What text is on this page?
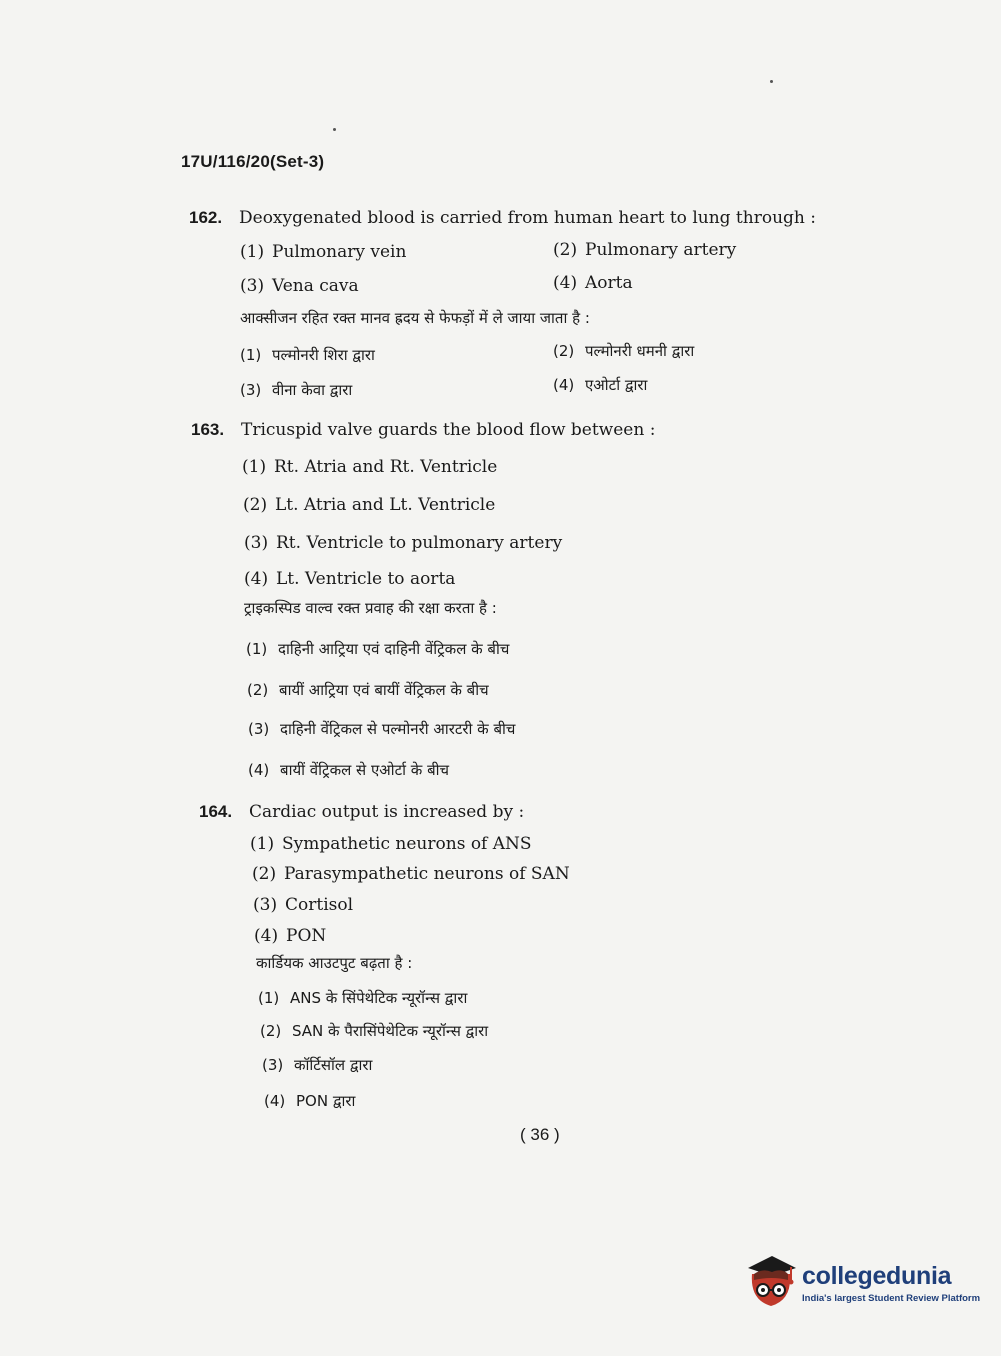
17U/116/20(Set-3)
162. Deoxygenated blood is carried from human heart to lung through :
(1) Pulmonary vein	(2) Pulmonary artery
(3) Vena cava	(4) Aorta
आक्सीजन रहित रक्त मानव ह्रदय से फेफड़ों में ले जाया जाता है :
(1) पल्मोनरी शिरा द्वारा	(2) पल्मोनरी धमनी द्वारा
(3) वीना केवा द्वारा	(4) एओर्टा द्वारा
163. Tricuspid valve guards the blood flow between :
(1) Rt. Atria and Rt. Ventricle
(2) Lt. Atria and Lt. Ventricle
(3) Rt. Ventricle to pulmonary artery
(4) Lt. Ventricle to aorta
ट्राइकस्पिड वाल्व रक्त प्रवाह की रक्षा करता है :
(1) दाहिनी आट्रिया एवं दाहिनी वेंट्रिकल के बीच
(2) बायीं आट्रिया एवं बायीं वेंट्रिकल के बीच
(3) दाहिनी वेंट्रिकल से पल्मोनरी आरटरी के बीच
(4) बायीं वेंट्रिकल से एओर्टा के बीच
164. Cardiac output is increased by :
(1) Sympathetic neurons of ANS
(2) Parasympathetic neurons of SAN
(3) Cortisol
(4) PON
कार्डियक आउटपुट बढ़ता है :
(1) ANS के सिंपेथेटिक न्यूरॉन्स द्वारा
(2) SAN के पैरासिंपेथेटिक न्यूरॉन्स द्वारा
(3) कॉर्टिसॉल द्वारा
(4) PON द्वारा
( 36 )
collegedunia
India's largest Student Review Platform
